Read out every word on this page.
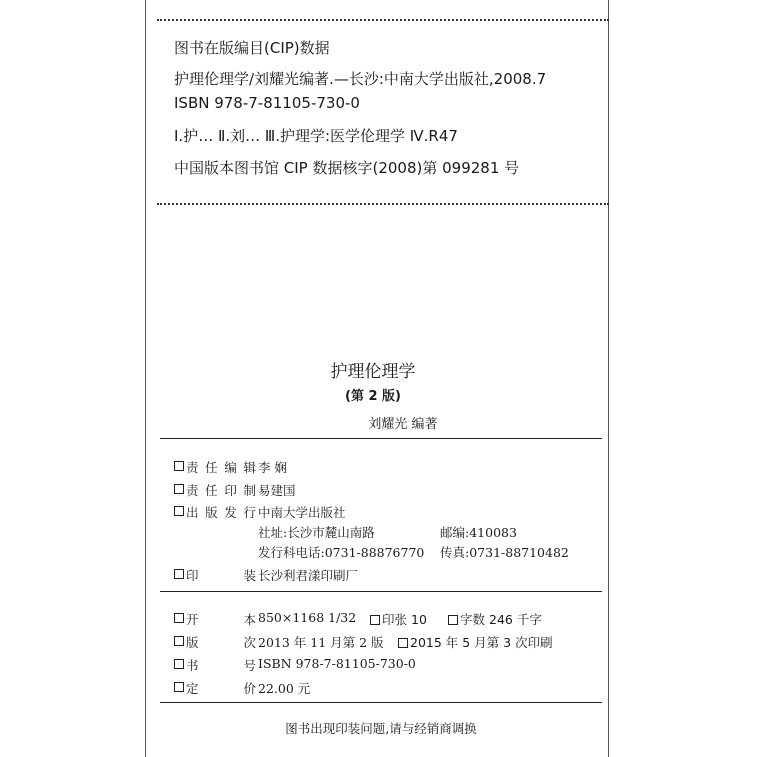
图书在版编目(CIP)数据
护理伦理学/刘耀光编著.—长沙:中南大学出版社,2008.7
ISBN 978-7-81105-730-0
Ⅰ.护… Ⅱ.刘… Ⅲ.护理学:医学伦理学 Ⅳ.R47
中国版本图书馆 CIP 数据核字(2008)第 099281 号
护理伦理学
(第 2 版)
刘耀光 编著
责任编辑 李 娴
责任印制 易建国
出版发行 中南大学出版社
社址:长沙市麓山南路	邮编:410083
发行科电话:0731-88876770 传真:0731-88710482
印 装 长沙利君漾印刷厂
开 本 850×1168 1/32	印张 10	字数 246 千字
版 次 2013 年 11 月第 2 版	2015 年 5 月第 3 次印刷
书 号 ISBN 978-7-81105-730-0
定 价 22.00 元
图书出现印装问题,请与经销商调换
